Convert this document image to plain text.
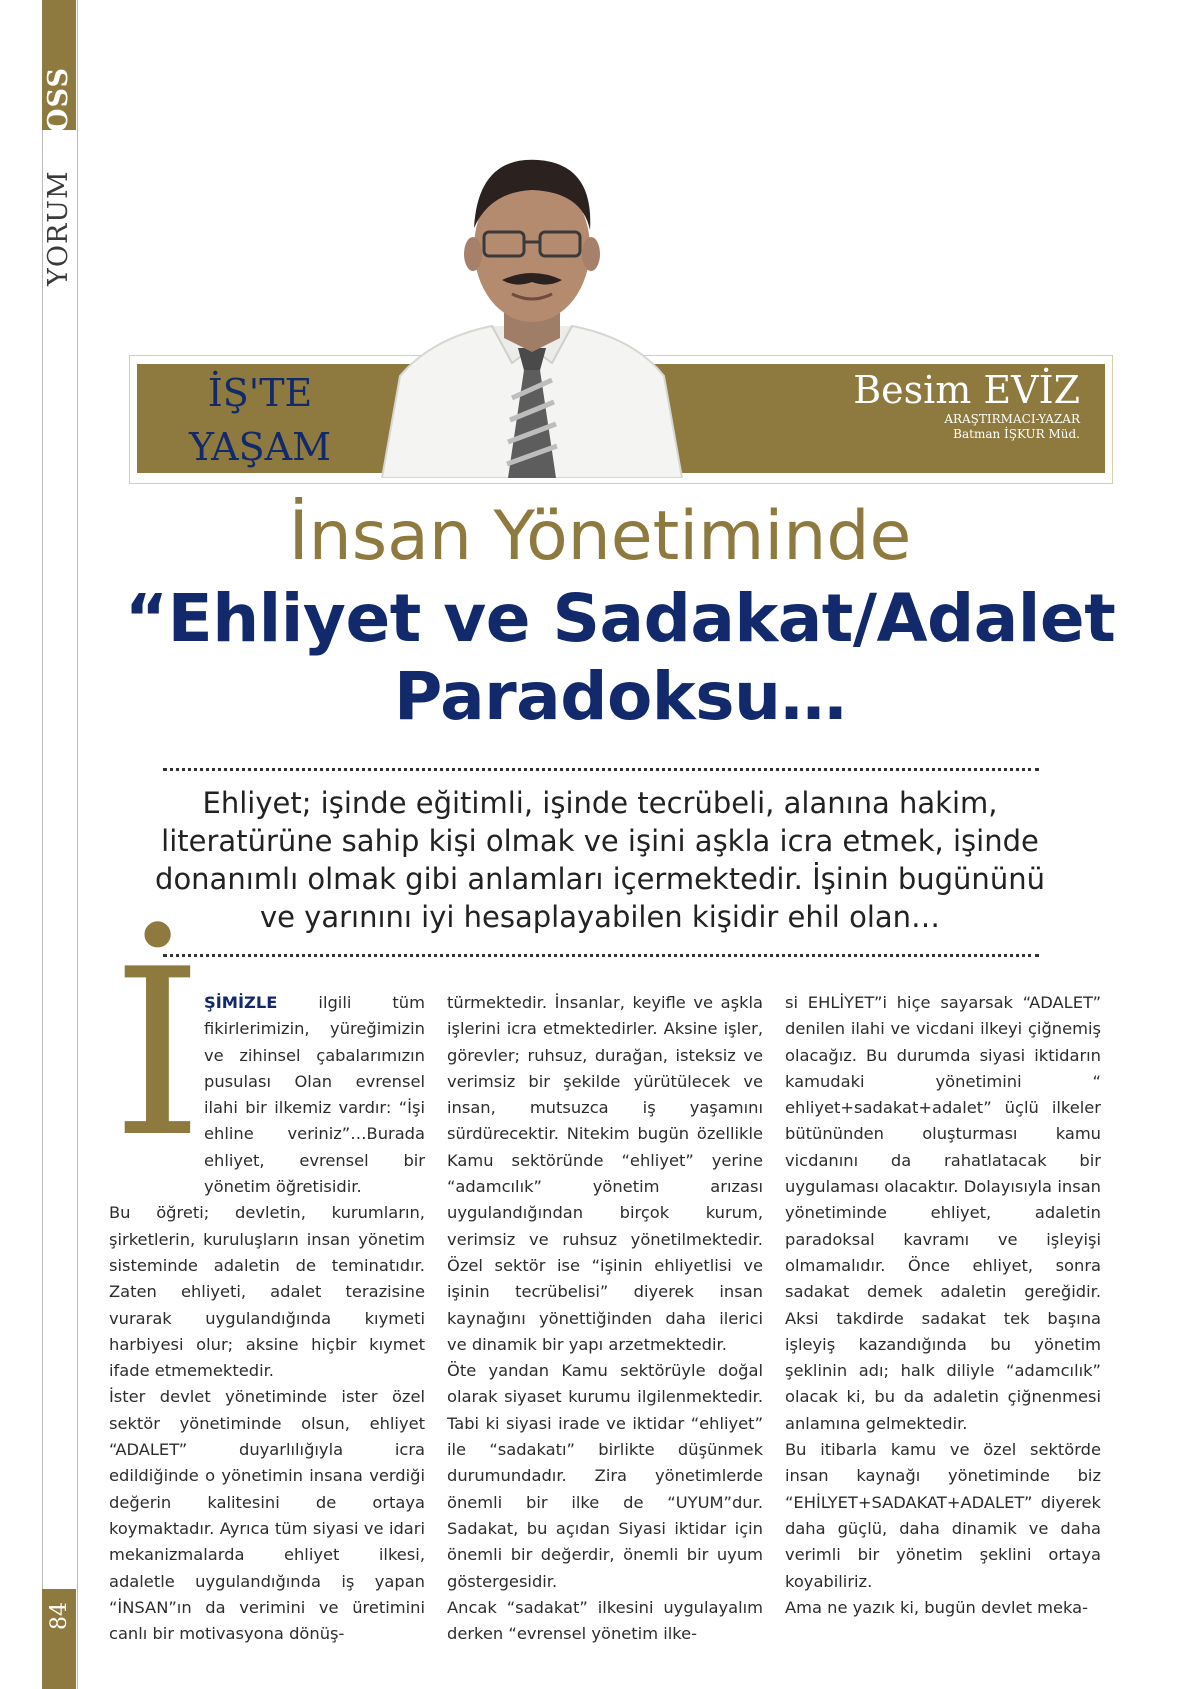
YORUMBOSS
84
İŞ'TE
YAŞAM
Besim EVİZ
ARAŞTIRMACI-YAZAR
Batman İŞKUR Müd.
İnsan Yönetiminde
“Ehliyet ve Sadakat/Adalet Paradoksu…
Ehliyet; işinde eğitimli, işinde tecrübeli, alanına hakim, literatürüne sahip kişi olmak ve işini aşkla icra etmek, işinde donanımlı olmak gibi anlamları içermektedir. İşinin bugününü ve yarınını iyi hesaplayabilen kişidir ehil olan…
İ ŞİMİZLE ilgili tüm fikirlerimizin, yüreğimizin ve zihinsel çabalarımızın pusulası Olan evrensel ilahi bir ilkemiz vardır: “İşi ehline veriniz”…Burada ehliyet, evrensel bir yönetim öğretisidir.

Bu öğreti; devletin, kurumların, şirketlerin, kuruluşların insan yönetim sisteminde adaletin de teminatıdır. Zaten ehliyeti, adalet terazisine vurarak uygulandığında kıymeti harbiyesi olur; aksine hiçbir kıymet ifade etmemektedir.

İster devlet yönetiminde ister özel sektör yönetiminde olsun, ehliyet “ADALET” duyarlılığıyla icra edildiğinde o yönetimin insana verdiği değerin kalitesini de ortaya koymaktadır. Ayrıca tüm siyasi ve idari mekanizmalarda ehliyet ilkesi, adaletle uygulandığında iş yapan “İNSAN”ın da verimini ve üretimini canlı bir motivasyona dönüş-

türmektedir. İnsanlar, keyifle ve aşkla işlerini icra etmektedirler. Aksine işler, görevler; ruhsuz, durağan, isteksiz ve verimsiz bir şekilde yürütülecek ve insan, mutsuzca iş yaşamını sürdürecektir. Nitekim bugün özellikle Kamu sektöründe “ehliyet” yerine “adamcılık” yönetim arızası uygulandığından birçok kurum, verimsiz ve ruhsuz yönetilmektedir. Özel sektör ise “işinin ehliyetlisi ve işinin tecrübelisi” diyerek insan kaynağını yönettiğinden daha ilerici ve dinamik bir yapı arzetmektedir.

Öte yandan Kamu sektörüyle doğal olarak siyaset kurumu ilgilenmektedir. Tabi ki siyasi irade ve iktidar “ehliyet” ile “sadakatı” birlikte düşünmek durumundadır. Zira yönetimlerde önemli bir ilke de “UYUM”dur. Sadakat, bu açıdan Siyasi iktidar için önemli bir değerdir, önemli bir uyum göstergesidir.

Ancak “sadakat” ilkesini uygulayalım derken “evrensel yönetim ilke-

si EHLİYET”i hiçe sayarsak “ADALET” denilen ilahi ve vicdani ilkeyi çiğnemiş olacağız. Bu durumda siyasi iktidarın kamudaki yönetimini “ ehliyet+sadakat+adalet” üçlü ilkeler bütününden oluşturması kamu vicdanını da rahatlatacak bir uygulaması olacaktır. Dolayısıyla insan yönetiminde ehliyet, adaletin paradoksal kavramı ve işleyişi olmamalıdır. Önce ehliyet, sonra sadakat demek adaletin gereğidir. Aksi takdirde sadakat tek başına işleyiş kazandığında bu yönetim şeklinin adı; halk diliyle “adamcılık” olacak ki, bu da adaletin çiğnenmesi anlamına gelmektedir.

Bu itibarla kamu ve özel sektörde insan kaynağı yönetiminde biz “EHİLYET+SADAKAT+ADALET” diyerek daha güçlü, daha dinamik ve daha verimli bir yönetim şeklini ortaya koyabiliriz.

Ama ne yazık ki, bugün devlet meka-
